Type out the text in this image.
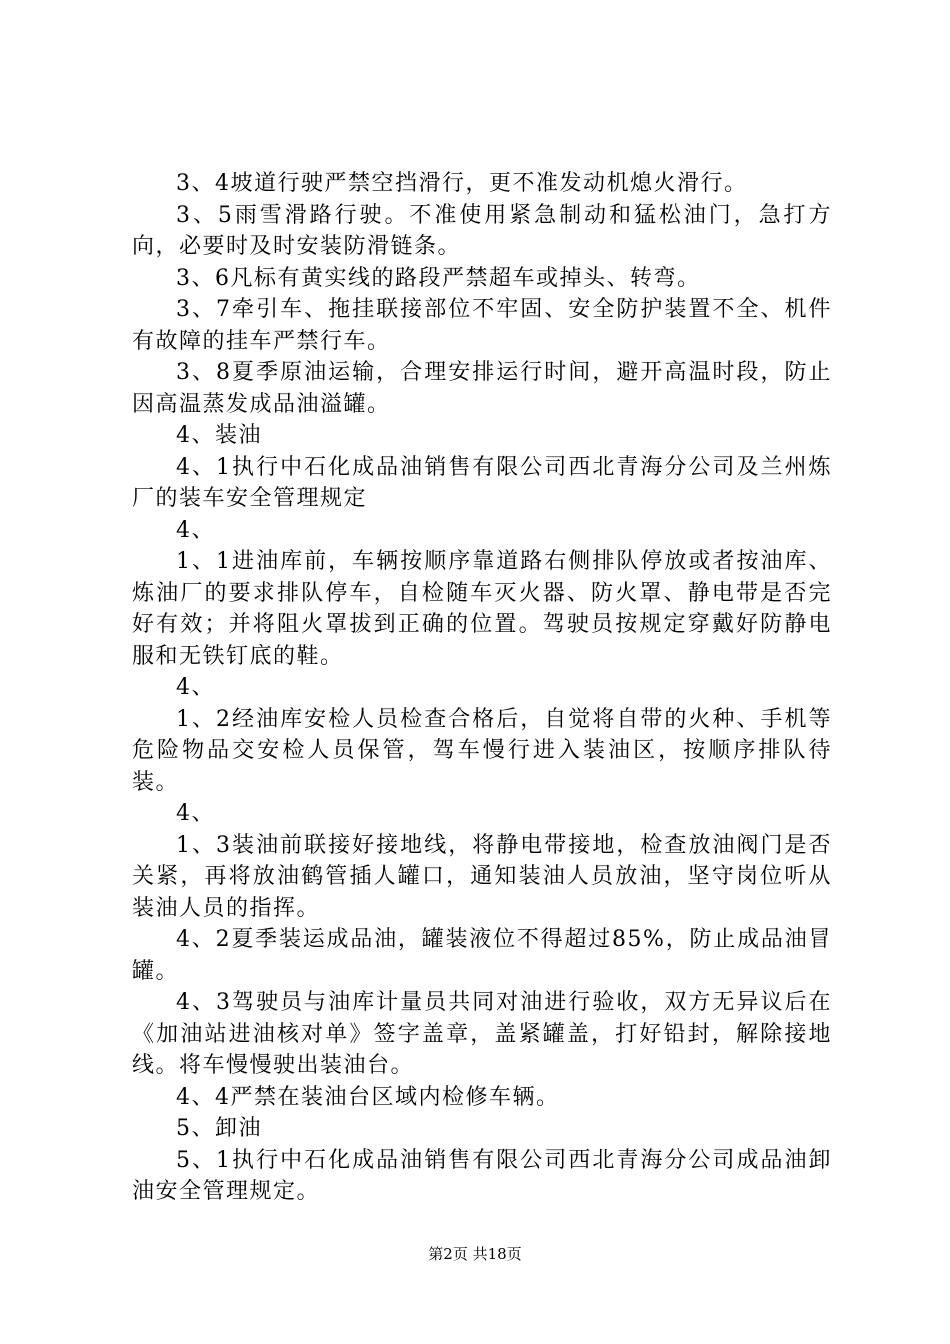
3、4坡道行驶严禁空挡滑行，更不准发动机熄火滑行。

3、5雨雪滑路行驶。不准使用紧急制动和猛松油门，急打方向，必要时及时安装防滑链条。

3、6凡标有黄实线的路段严禁超车或掉头、转弯。

3、7牵引车、拖挂联接部位不牢固、安全防护装置不全、机件有故障的挂车严禁行车。

3、8夏季原油运输，合理安排运行时间，避开高温时段，防止因高温蒸发成品油溢罐。

4、装油

4、1执行中石化成品油销售有限公司西北青海分公司及兰州炼厂的装车安全管理规定

4、

1、1进油库前，车辆按顺序靠道路右侧排队停放或者按油库、炼油厂的要求排队停车，自检随车灭火器、防火罩、静电带是否完好有效；并将阻火罩拔到正确的位置。驾驶员按规定穿戴好防静电服和无铁钉底的鞋。

4、

1、2经油库安检人员检查合格后，自觉将自带的火种、手机等危险物品交安检人员保管，驾车慢行进入装油区，按顺序排队待装。

4、

1、3装油前联接好接地线，将静电带接地，检查放油阀门是否关紧，再将放油鹤管插人罐口，通知装油人员放油，坚守岗位听从装油人员的指挥。

4、2夏季装运成品油，罐装液位不得超过85%，防止成品油冒罐。

4、3驾驶员与油库计量员共同对油进行验收，双方无异议后在《加油站进油核对单》签字盖章，盖紧罐盖，打好铅封，解除接地线。将车慢慢驶出装油台。

4、4严禁在装油台区域内检修车辆。

5、卸油

5、1执行中石化成品油销售有限公司西北青海分公司成品油卸油安全管理规定。

第2页 共18页
